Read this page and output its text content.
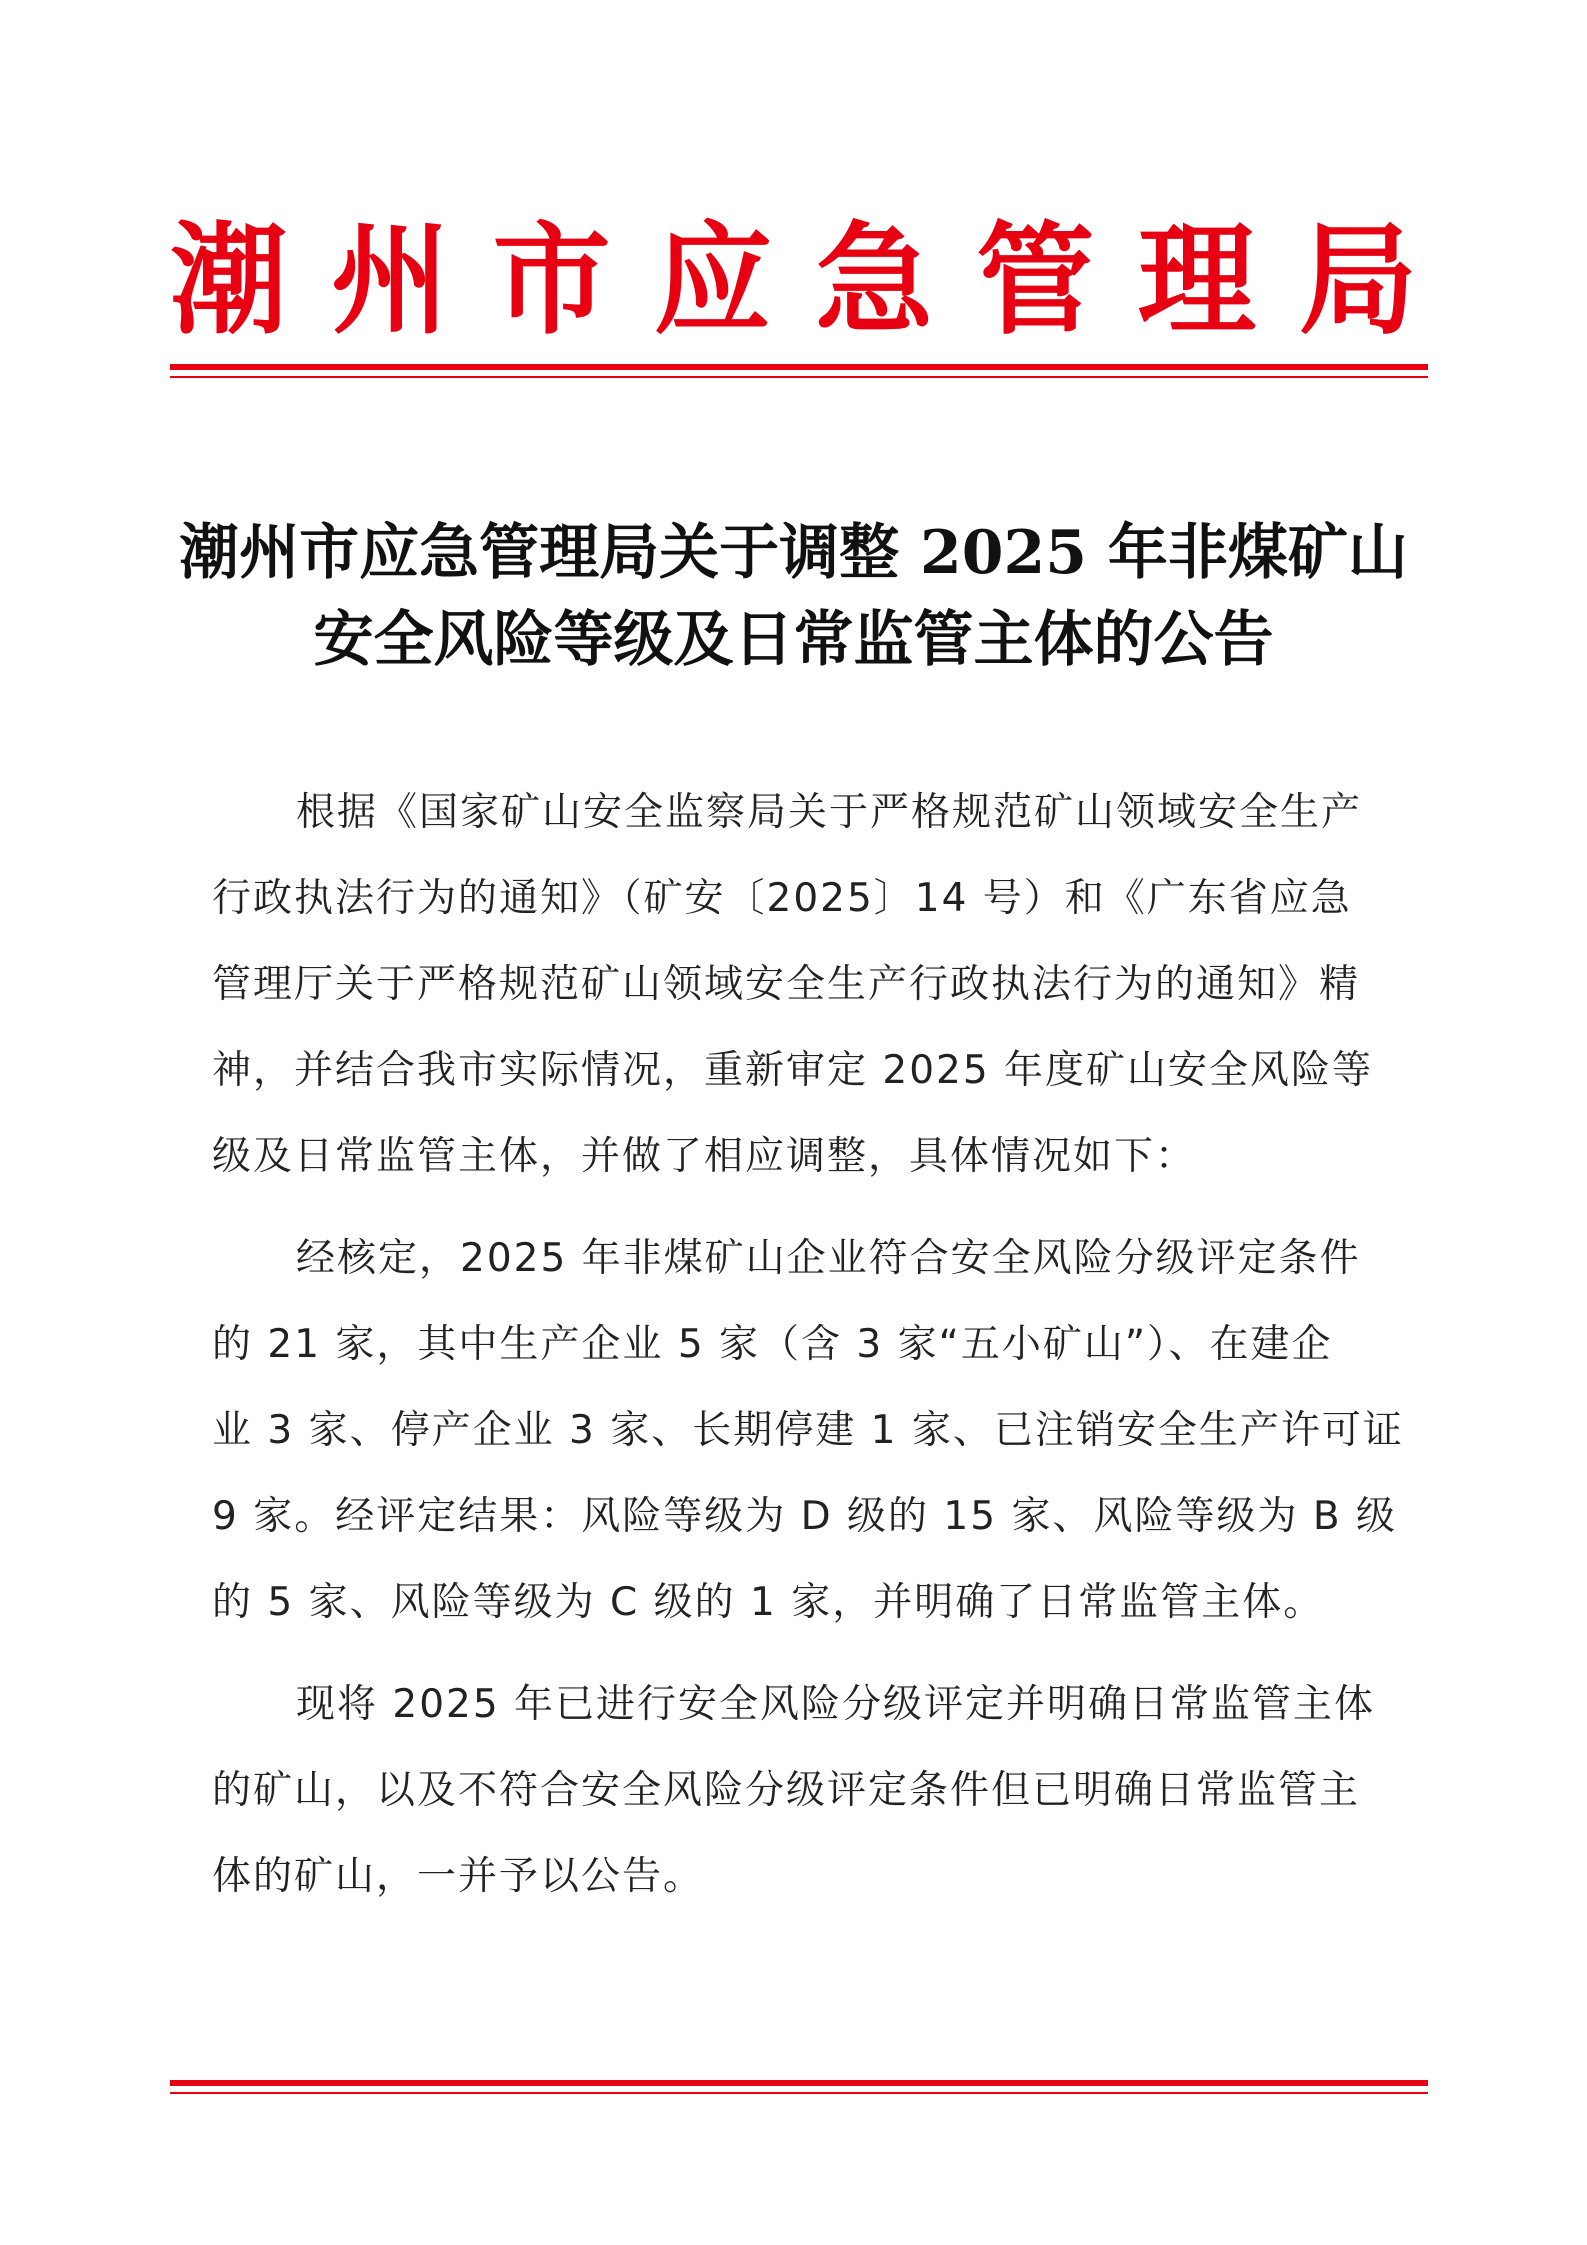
潮 州 市 应 急 管 理 局
潮州市应急管理局关于调整 2025 年非煤矿山
安全风险等级及日常监管主体的公告
根据《国家矿山安全监察局关于严格规范矿山领域安全生产
行政执法行为的通知》（矿安〔2025〕14 号）和《广东省应急
管理厅关于严格规范矿山领域安全生产行政执法行为的通知》精
神，并结合我市实际情况，重新审定 2025 年度矿山安全风险等
级及日常监管主体，并做了相应调整，具体情况如下：
经核定，2025 年非煤矿山企业符合安全风险分级评定条件
的 21 家，其中生产企业 5 家（含 3 家“五小矿山”）、在建企
业 3 家、停产企业 3 家、长期停建 1 家、已注销安全生产许可证
9 家。经评定结果：风险等级为 D 级的 15 家、风险等级为 B 级
的 5 家、风险等级为 C 级的 1 家，并明确了日常监管主体。
现将 2025 年已进行安全风险分级评定并明确日常监管主体
的矿山，以及不符合安全风险分级评定条件但已明确日常监管主
体的矿山，一并予以公告。
